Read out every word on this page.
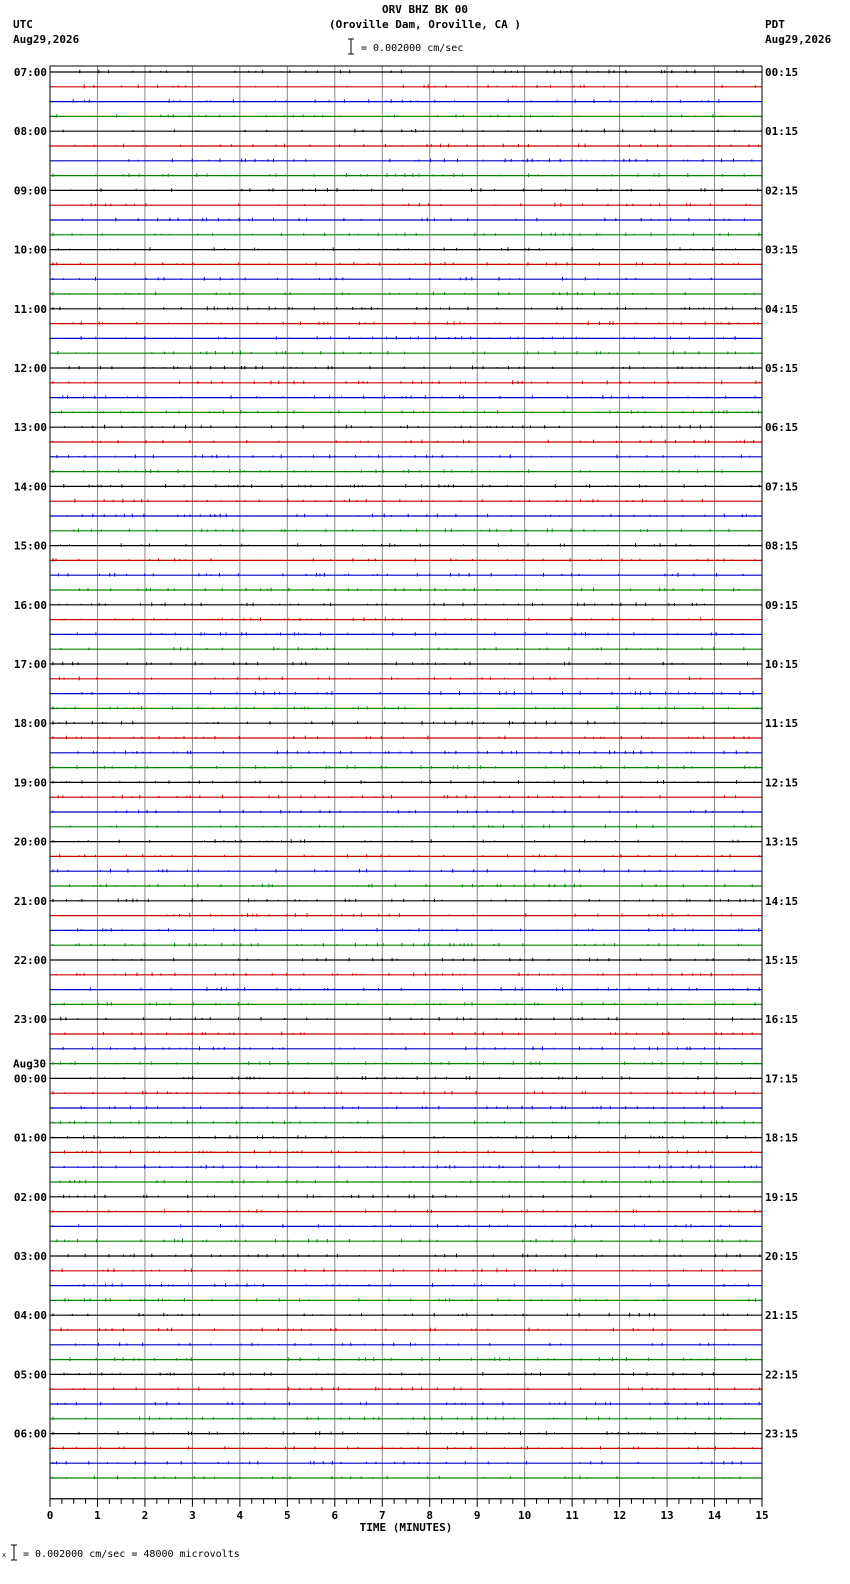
ORV BHZ BK 00
(Oroville Dam, Oroville, CA )
UTC
Aug29,2026
PDT
Aug29,2026
= 0.002000 cm/sec
07:00	00:15
08:00	01:15
09:00	02:15
10:00	03:15
11:00	04:15
12:00	05:15
13:00	06:15
14:00	07:15
15:00	08:15
16:00	09:15
17:00	10:15
18:00	11:15
19:00	12:15
20:00	13:15
21:00	14:15
22:00	15:15
23:00	16:15
00:00	17:15
01:00	18:15
02:00	19:15
03:00	20:15
04:00	21:15
05:00	22:15
06:00	23:15
Aug30
0	1	2	3	4	5	6	7	8	9	10	11	12	13	14	15
TIME (MINUTES)
x = 0.002000 cm/sec = 48000 microvolts
